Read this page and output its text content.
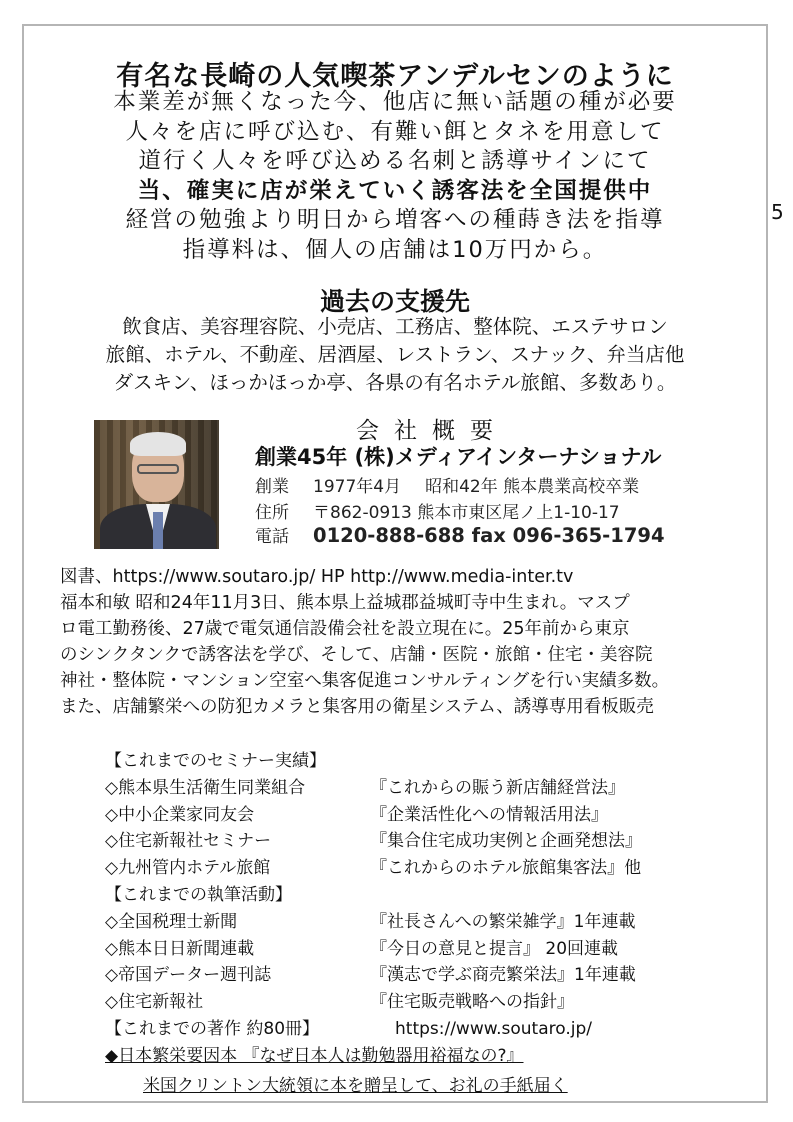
5
有名な長崎の人気喫茶アンデルセンのように
本業差が無くなった今、他店に無い話題の種が必要
人々を店に呼び込む、有難い餌とタネを用意して
道行く人々を呼び込める名刺と誘導サインにて
当、確実に店が栄えていく誘客法を全国提供中
経営の勉強より明日から増客への種蒔き法を指導
指導料は、個人の店舗は10万円から。
過去の支援先
飲食店、美容理容院、小売店、工務店、整体院、エステサロン
旅館、ホテル、不動産、居酒屋、レストラン、スナック、弁当店他
ダスキン、ほっかほっか亭、各県の有名ホテル旅館、多数あり。
会社概要
創業45年 (株)メディアインターナショナル
創業 1977年4月 昭和42年 熊本農業高校卒業
住所 〒862-0913 熊本市東区尾ノ上1-10-17
電話 0120-888-688 fax 096-365-1794
図書、https://www.soutaro.jp/ HP http://www.media-inter.tv
福本和敏 昭和24年11月3日、熊本県上益城郡益城町寺中生まれ。マスプ
ロ電工勤務後、27歳で電気通信設備会社を設立現在に。25年前から東京
のシンクタンクで誘客法を学び、そして、店舗・医院・旅館・住宅・美容院
神社・整体院・マンション空室へ集客促進コンサルティングを行い実績多数。
また、店舗繁栄への防犯カメラと集客用の衛星システム、誘導専用看板販売
【これまでのセミナー実績】
◇熊本県生活衛生同業組合	『これからの賑う新店舗経営法』
◇中小企業家同友会	『企業活性化への情報活用法』
◇住宅新報社セミナー	『集合住宅成功実例と企画発想法』
◇九州管内ホテル旅館	『これからのホテル旅館集客法』他
【これまでの執筆活動】
◇全国税理士新聞	『社長さんへの繁栄雑学』1年連載
◇熊本日日新聞連載	『今日の意見と提言』 20回連載
◇帝国データー週刊誌	『漢志で学ぶ商売繁栄法』1年連載
◇住宅新報社	『住宅販売戦略への指針』
【これまでの著作 約80冊】	https://www.soutaro.jp/
◆日本繁栄要因本 『なぜ日本人は勤勉器用裕福なの?』
米国クリントン大統領に本を贈呈して、お礼の手紙届く
